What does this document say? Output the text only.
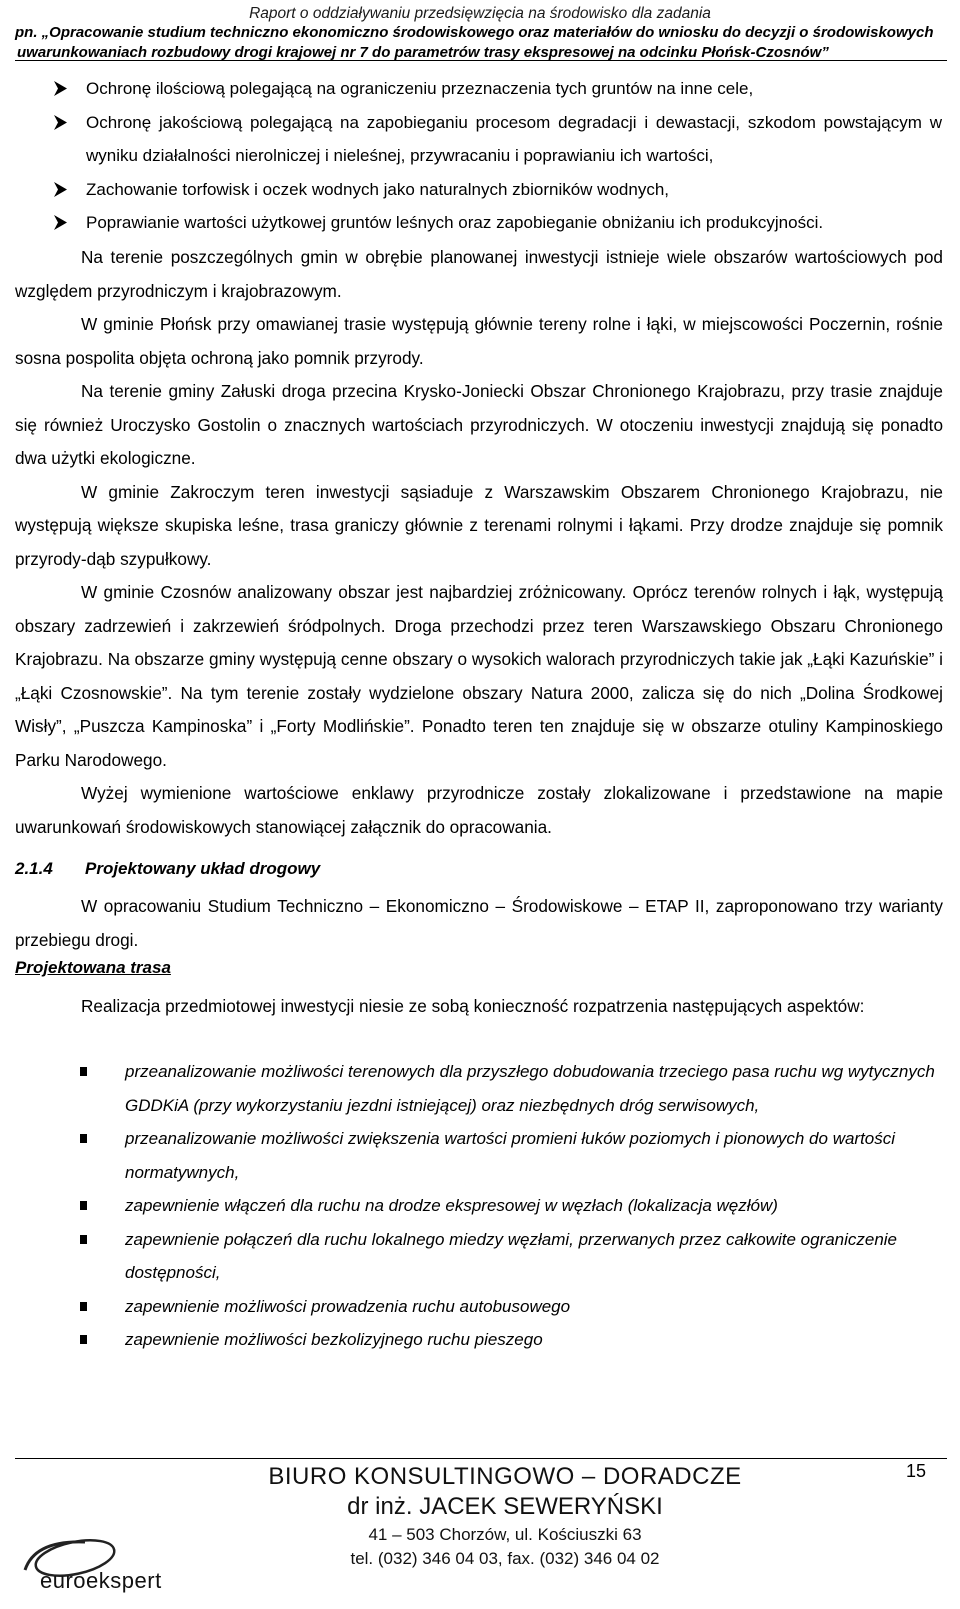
Raport o oddziaływaniu przedsięwzięcia na środowisko dla zadania
pn. „Opracowanie studium techniczno ekonomiczno środowiskowego oraz materiałów do wniosku do decyzji o środowiskowych
uwarunkowaniach rozbudowy drogi krajowej nr 7 do parametrów trasy ekspresowej na odcinku Płońsk-Czosnów”
Ochronę ilościową polegającą na ograniczeniu przeznaczenia tych gruntów na inne cele,
Ochronę jakościową polegającą na zapobieganiu procesom degradacji i dewastacji, szkodom powstającym w wyniku działalności nierolniczej i nieleśnej, przywracaniu i poprawianiu ich wartości,
Zachowanie torfowisk i oczek wodnych jako naturalnych zbiorników wodnych,
Poprawianie wartości użytkowej gruntów leśnych oraz zapobieganie obniżaniu ich produkcyjności.

Na terenie poszczególnych gmin w obrębie planowanej inwestycji istnieje wiele obszarów wartościowych pod względem przyrodniczym i krajobrazowym.

W gminie Płońsk przy omawianej trasie występują głównie tereny rolne i łąki, w miejscowości Poczernin, rośnie sosna pospolita objęta ochroną jako pomnik przyrody.

Na terenie gminy Załuski droga przecina Krysko-Joniecki Obszar Chronionego Krajobrazu, przy trasie znajduje się również Uroczysko Gostolin o znacznych wartościach przyrodniczych. W otoczeniu inwestycji znajdują się ponadto dwa użytki ekologiczne.

W gminie Zakroczym teren inwestycji sąsiaduje z Warszawskim Obszarem Chronionego Krajobrazu, nie występują większe skupiska leśne, trasa graniczy głównie z terenami rolnymi i łąkami. Przy drodze znajduje się pomnik przyrody-dąb szypułkowy.

W gminie Czosnów analizowany obszar jest najbardziej zróżnicowany. Oprócz terenów rolnych i łąk, występują obszary zadrzewień i zakrzewień śródpolnych. Droga przechodzi przez teren Warszawskiego Obszaru Chronionego Krajobrazu. Na obszarze gminy występują cenne obszary o wysokich walorach przyrodniczych takie jak „Łąki Kazuńskie” i „Łąki Czosnowskie”. Na tym terenie zostały wydzielone obszary Natura 2000, zalicza się do nich „Dolina Środkowej Wisły”, „Puszcza Kampinoska” i „Forty Modlińskie”. Ponadto teren ten znajduje się w obszarze otuliny Kampinoskiego Parku Narodowego.

Wyżej wymienione wartościowe enklawy przyrodnicze zostały zlokalizowane i przedstawione na mapie uwarunkowań środowiskowych stanowiącej załącznik do opracowania.

2.1.4 Projektowany układ drogowy

W opracowaniu Studium Techniczno – Ekonomiczno – Środowiskowe – ETAP II, zaproponowano trzy warianty przebiegu drogi.

Projektowana trasa

Realizacja przedmiotowej inwestycji niesie ze sobą konieczność rozpatrzenia następujących aspektów:

przeanalizowanie możliwości terenowych dla przyszłego dobudowania trzeciego pasa ruchu wg wytycznych GDDKiA (przy wykorzystaniu jezdni istniejącej) oraz niezbędnych dróg serwisowych,
przeanalizowanie możliwości zwiększenia wartości promieni łuków poziomych i pionowych do wartości normatywnych,
zapewnienie włączeń dla ruchu na drodze ekspresowej w węzłach (lokalizacja węzłów)
zapewnienie połączeń dla ruchu lokalnego miedzy węzłami, przerwanych przez całkowite ograniczenie dostępności,
zapewnienie możliwości prowadzenia ruchu autobusowego
zapewnienie możliwości bezkolizyjnego ruchu pieszego
15
euroekspert
BIURO KONSULTINGOWO – DORADCZE
dr inż. JACEK SEWERYŃSKI
41 – 503 Chorzów, ul. Kościuszki 63
tel. (032) 346 04 03, fax. (032) 346 04 02
